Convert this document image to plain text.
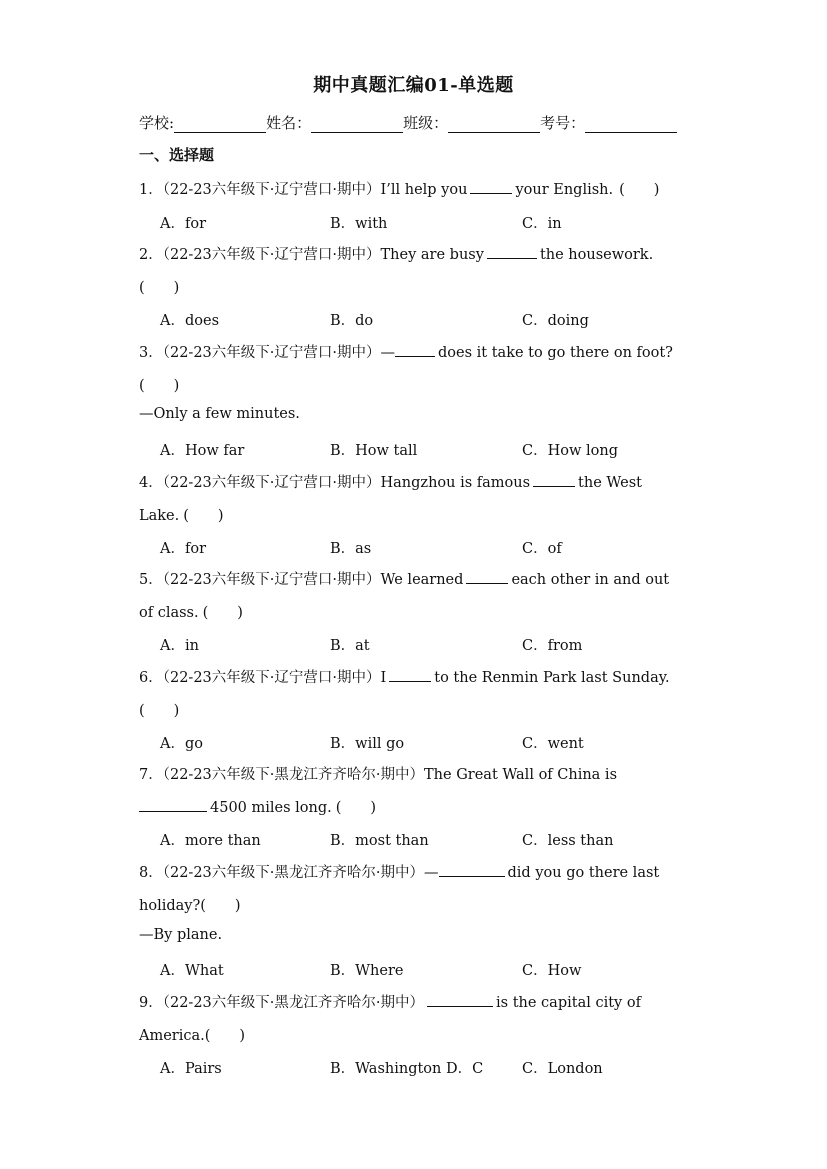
期中真题汇编01-单选题
学校:	姓名：	班级：	考号：
一、选择题
1．（22-23六年级下·辽宁营口·期中）I’ll help you	your English. (　　)
A．for	B．with	C．in
2．（22-23六年级下·辽宁营口·期中）They are busy	the housework.
(　　)
A．does	B．do	C．doing
3．（22-23六年级下·辽宁营口·期中）—	does it take to go there on foot?
(　　)
—Only a few minutes.
A．How far	B．How tall	C．How long
4．（22-23六年级下·辽宁营口·期中）Hangzhou is famous	the West
Lake. (　　)
A．for	B．as	C．of
5．（22-23六年级下·辽宁营口·期中）We learned	each other in and out
of class. (　　)
A．in	B．at	C．from
6．（22-23六年级下·辽宁营口·期中）I	to the Renmin Park last Sunday.
(　　)
A．go	B．will go	C．went
7．（22-23六年级下·黑龙江齐齐哈尔·期中）The Great Wall of China is
4500 miles long. (　　)
A．more than	B．most than	C．less than
8．（22-23六年级下·黑龙江齐齐哈尔·期中）—	did you go there last
holiday?(　　)
—By plane.
A．What	B．Where	C．How
9．（22-23六年级下·黑龙江齐齐哈尔·期中）	is the capital city of
America.(　　)
A．Pairs	B．Washington D．C	C．London
